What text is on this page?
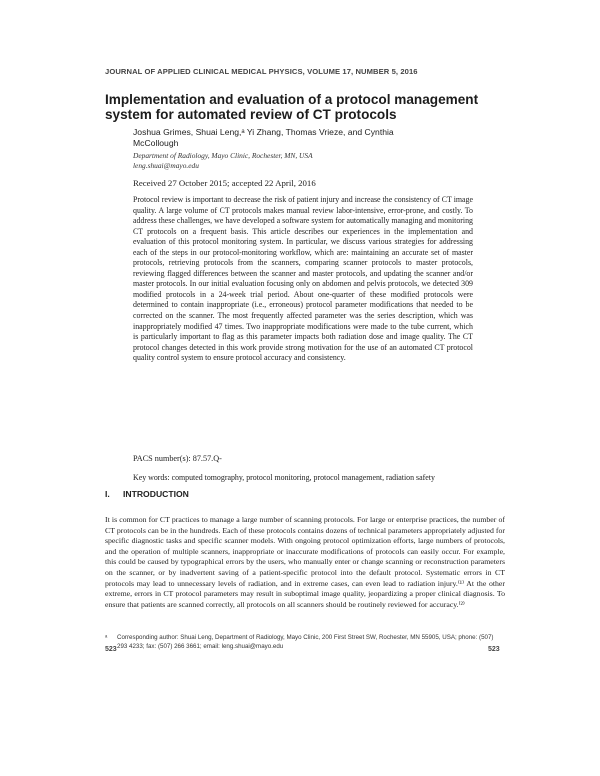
JOURNAL OF APPLIED CLINICAL MEDICAL PHYSICS, VOLUME 17, NUMBER 5, 2016
Implementation and evaluation of a protocol management system for automated review of CT protocols
Joshua Grimes, Shuai Leng,ᵃ Yi Zhang, Thomas Vrieze, and Cynthia McCollough
Department of Radiology, Mayo Clinic, Rochester, MN, USA
leng.shuai@mayo.edu
Received 27 October 2015; accepted 22 April, 2016

Protocol review is important to decrease the risk of patient injury and increase the consistency of CT image quality. A large volume of CT protocols makes manual review labor-intensive, error-prone, and costly. To address these challenges, we have developed a software system for automatically managing and monitoring CT protocols on a frequent basis. This article describes our experiences in the implementation and evaluation of this protocol monitoring system. In particular, we discuss various strategies for addressing each of the steps in our protocol-monitoring workflow, which are: maintaining an accurate set of master protocols, retrieving protocols from the scanners, comparing scanner protocols to master protocols, reviewing flagged differences between the scanner and master protocols, and updating the scanner and/or master protocols. In our initial evaluation focusing only on abdomen and pelvis protocols, we detected 309 modified protocols in a 24-week trial period. About one-quarter of these modified protocols were determined to contain inappropriate (i.e., erroneous) protocol parameter modifications that needed to be corrected on the scanner. The most frequently affected parameter was the series description, which was inappropriately modified 47 times. Two inappropriate modifications were made to the tube current, which is particularly important to flag as this parameter impacts both radiation dose and image quality. The CT protocol changes detected in this work provide strong motivation for the use of an automated CT protocol quality control system to ensure protocol accuracy and consistency.

PACS number(s): 87.57.Q-
Key words: computed tomography, protocol monitoring, protocol management, radiation safety
I. INTRODUCTION

It is common for CT practices to manage a large number of scanning protocols. For large or enterprise practices, the number of CT protocols can be in the hundreds. Each of these protocols contains dozens of technical parameters appropriately adjusted for specific diagnostic tasks and specific scanner models. With ongoing protocol optimization efforts, large numbers of protocols, and the operation of multiple scanners, inappropriate or inaccurate modifications of protocols can easily occur. For example, this could be caused by typographical errors by the users, who manually enter or change scanning or reconstruction parameters on the scanner, or by inadvertent saving of a patient-specific protocol into the default protocol. Systematic errors in CT protocols may lead to unnecessary levels of radiation, and in extreme cases, can even lead to radiation injury.⁽¹⁾ At the other extreme, errors in CT protocol parameters may result in suboptimal image quality, jeopardizing a proper clinical diagnosis. To ensure that patients are scanned correctly, all protocols on all scanners should be routinely reviewed for accuracy.⁽²⁾

ᵃ	Corresponding author: Shuai Leng, Department of Radiology, Mayo Clinic, 200 First Street SW, Rochester, MN 55905, USA; phone: (507) 293 4233; fax: (507) 266 3661; email: leng.shuai@mayo.edu
523	523
